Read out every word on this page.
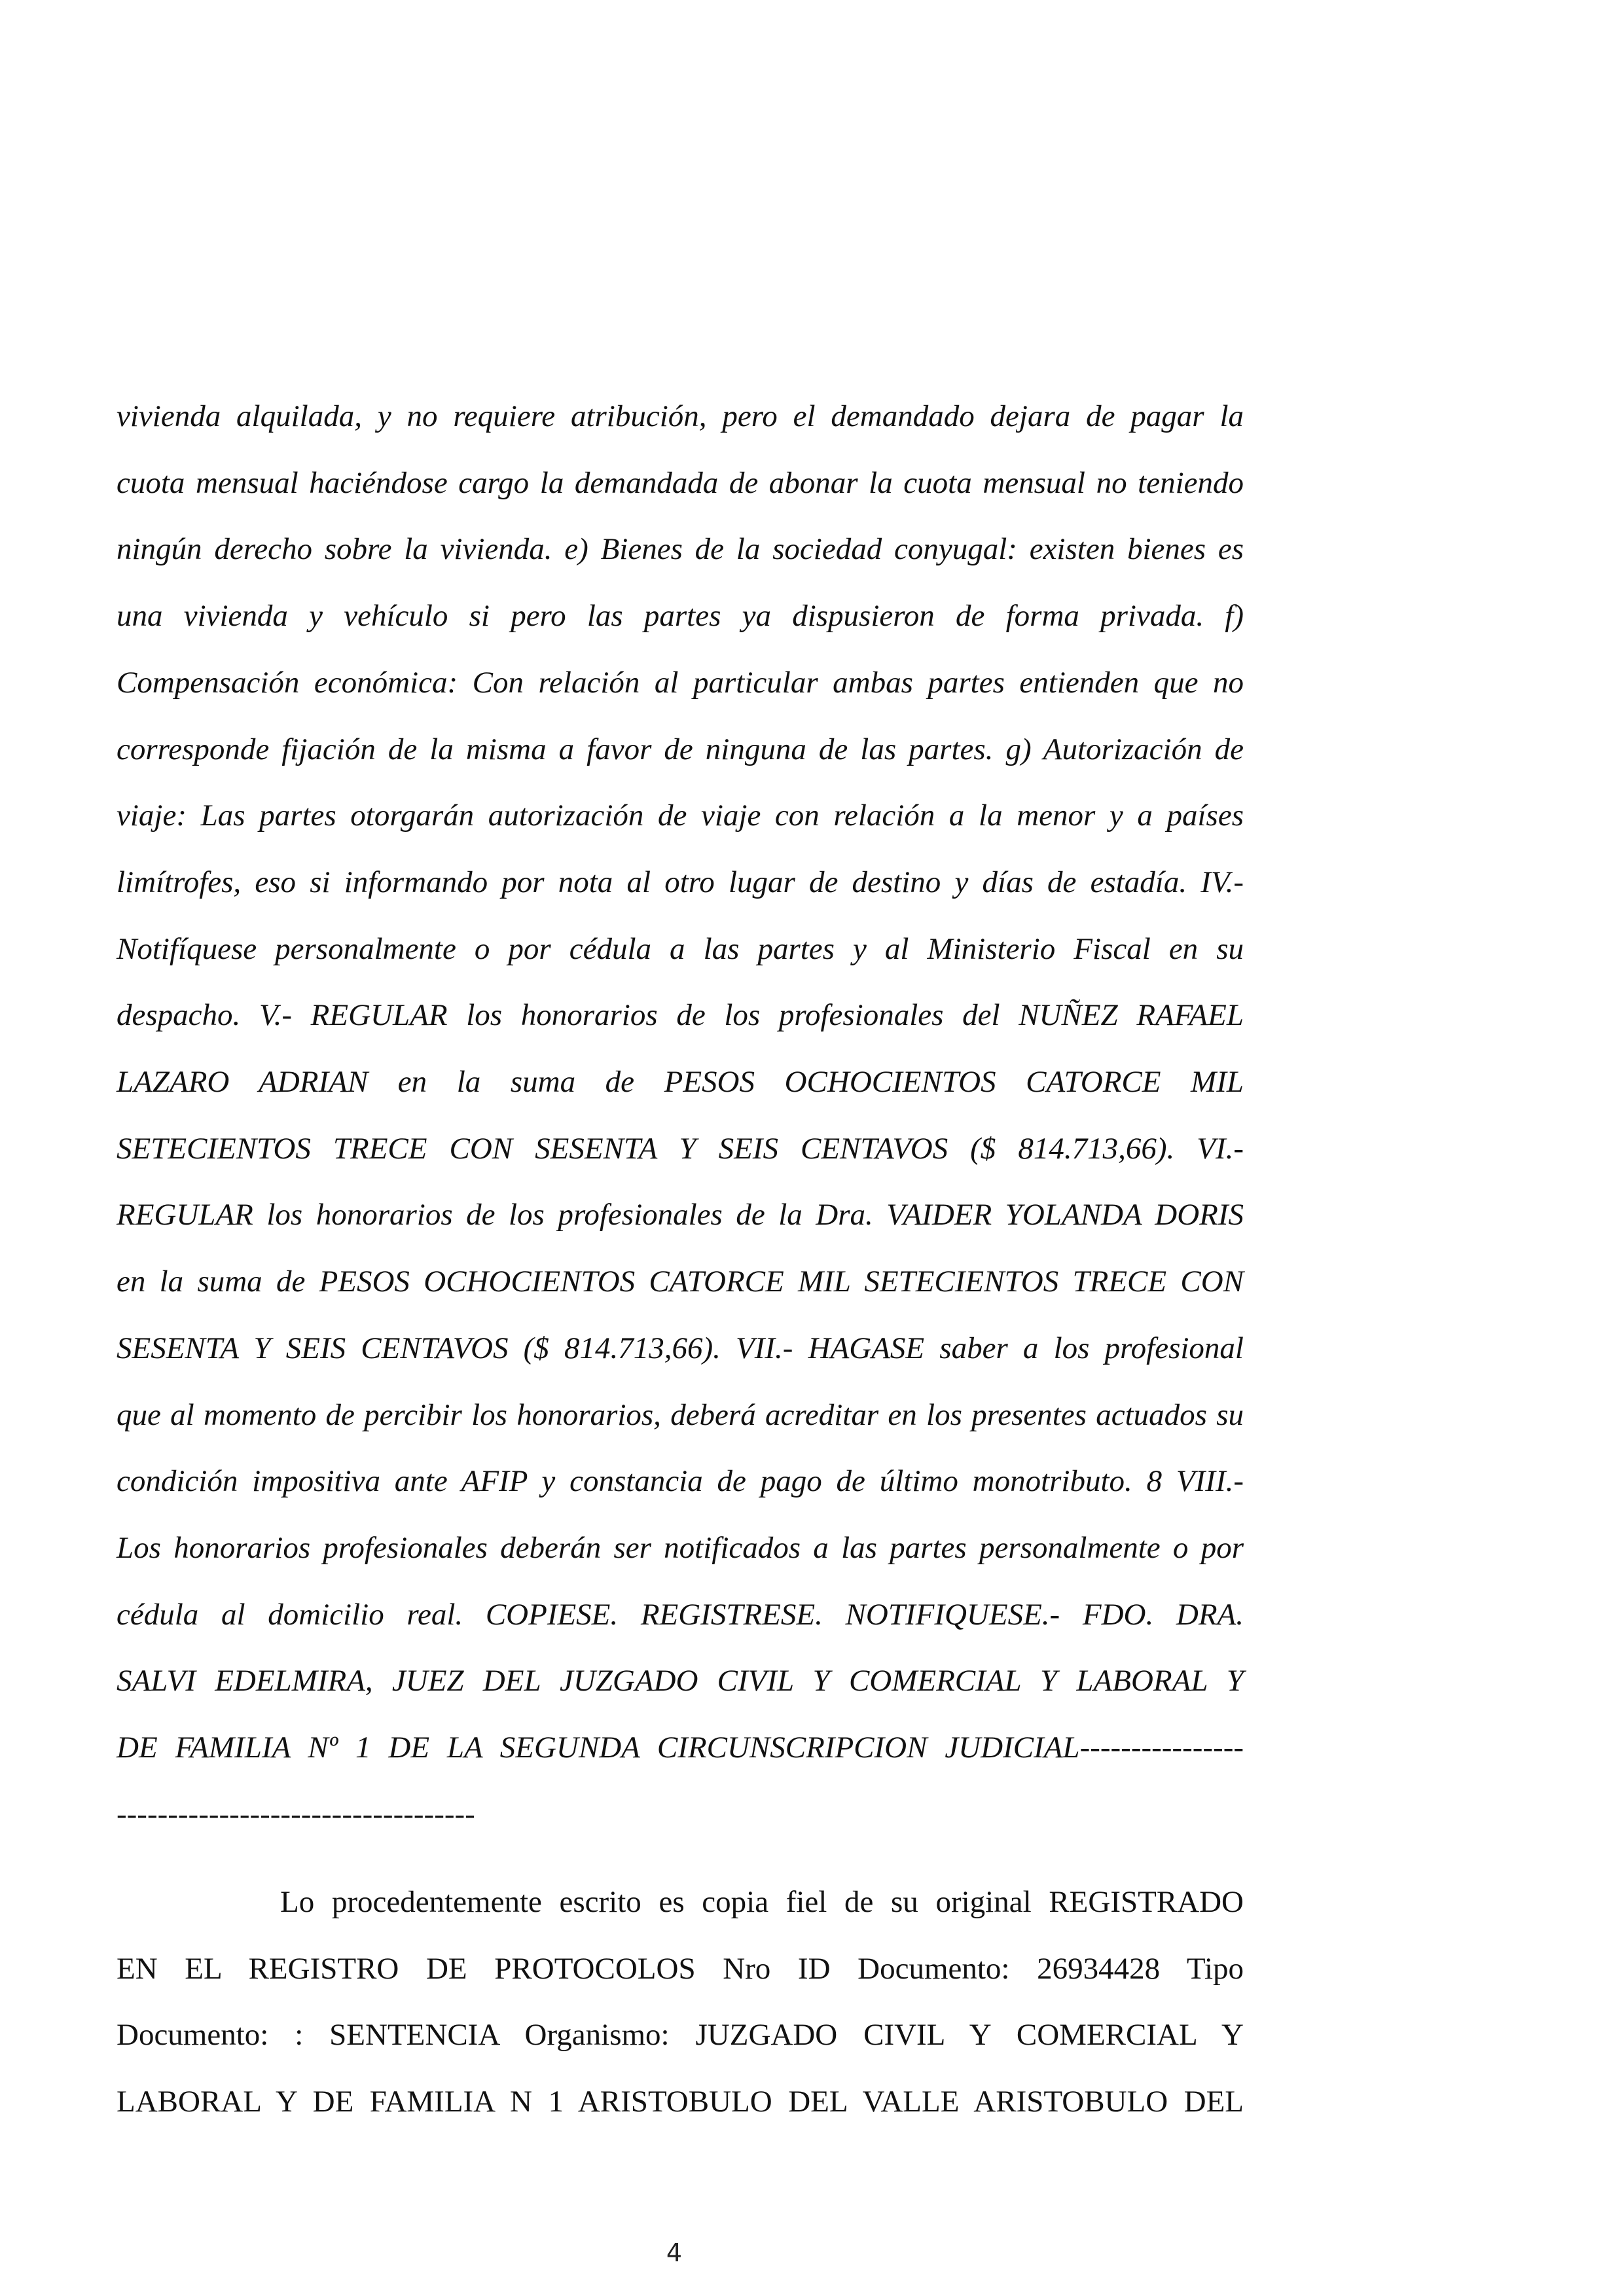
vivienda alquilada, y no requiere atribución, pero el demandado dejara de pagar la
cuota mensual haciéndose cargo la demandada de abonar la cuota mensual no teniendo
ningún derecho sobre la vivienda. e) Bienes de la sociedad conyugal: existen bienes es
una vivienda y vehículo si pero las partes ya dispusieron de forma privada. f)
Compensación económica: Con relación al particular ambas partes entienden que no
corresponde fijación de la misma a favor de ninguna de las partes. g) Autorización de
viaje: Las partes otorgarán autorización de viaje con relación a la menor y a países
limítrofes, eso si informando por nota al otro lugar de destino y días de estadía. IV.-
Notifíquese personalmente o por cédula a las partes y al Ministerio Fiscal en su
despacho. V.- REGULAR los honorarios de los profesionales del NUÑEZ RAFAEL
LAZARO ADRIAN en la suma de PESOS OCHOCIENTOS CATORCE MIL
SETECIENTOS TRECE CON SESENTA Y SEIS CENTAVOS ($ 814.713,66). VI.-
REGULAR los honorarios de los profesionales de la Dra. VAIDER YOLANDA DORIS
en la suma de PESOS OCHOCIENTOS CATORCE MIL SETECIENTOS TRECE CON
SESENTA Y SEIS CENTAVOS ($ 814.713,66). VII.- HAGASE saber a los profesional
que al momento de percibir los honorarios, deberá acreditar en los presentes actuados su
condición impositiva ante AFIP y constancia de pago de último monotributo. 8 VIII.-
Los honorarios profesionales deberán ser notificados a las partes personalmente o por
cédula al domicilio real. COPIESE. REGISTRESE. NOTIFIQUESE.- FDO. DRA.
SALVI EDELMIRA, JUEZ DEL JUZGADO CIVIL Y COMERCIAL Y LABORAL Y
DE FAMILIA Nº 1 DE LA SEGUNDA CIRCUNSCRIPCION JUDICIAL----------------
-----------------------------------
Lo procedentemente escrito es copia fiel de su original REGISTRADO
EN EL REGISTRO DE PROTOCOLOS Nro ID Documento: 26934428 Tipo
Documento: : SENTENCIA Organismo: JUZGADO CIVIL Y COMERCIAL Y
LABORAL Y DE FAMILIA N 1 ARISTOBULO DEL VALLE ARISTOBULO DEL
4
